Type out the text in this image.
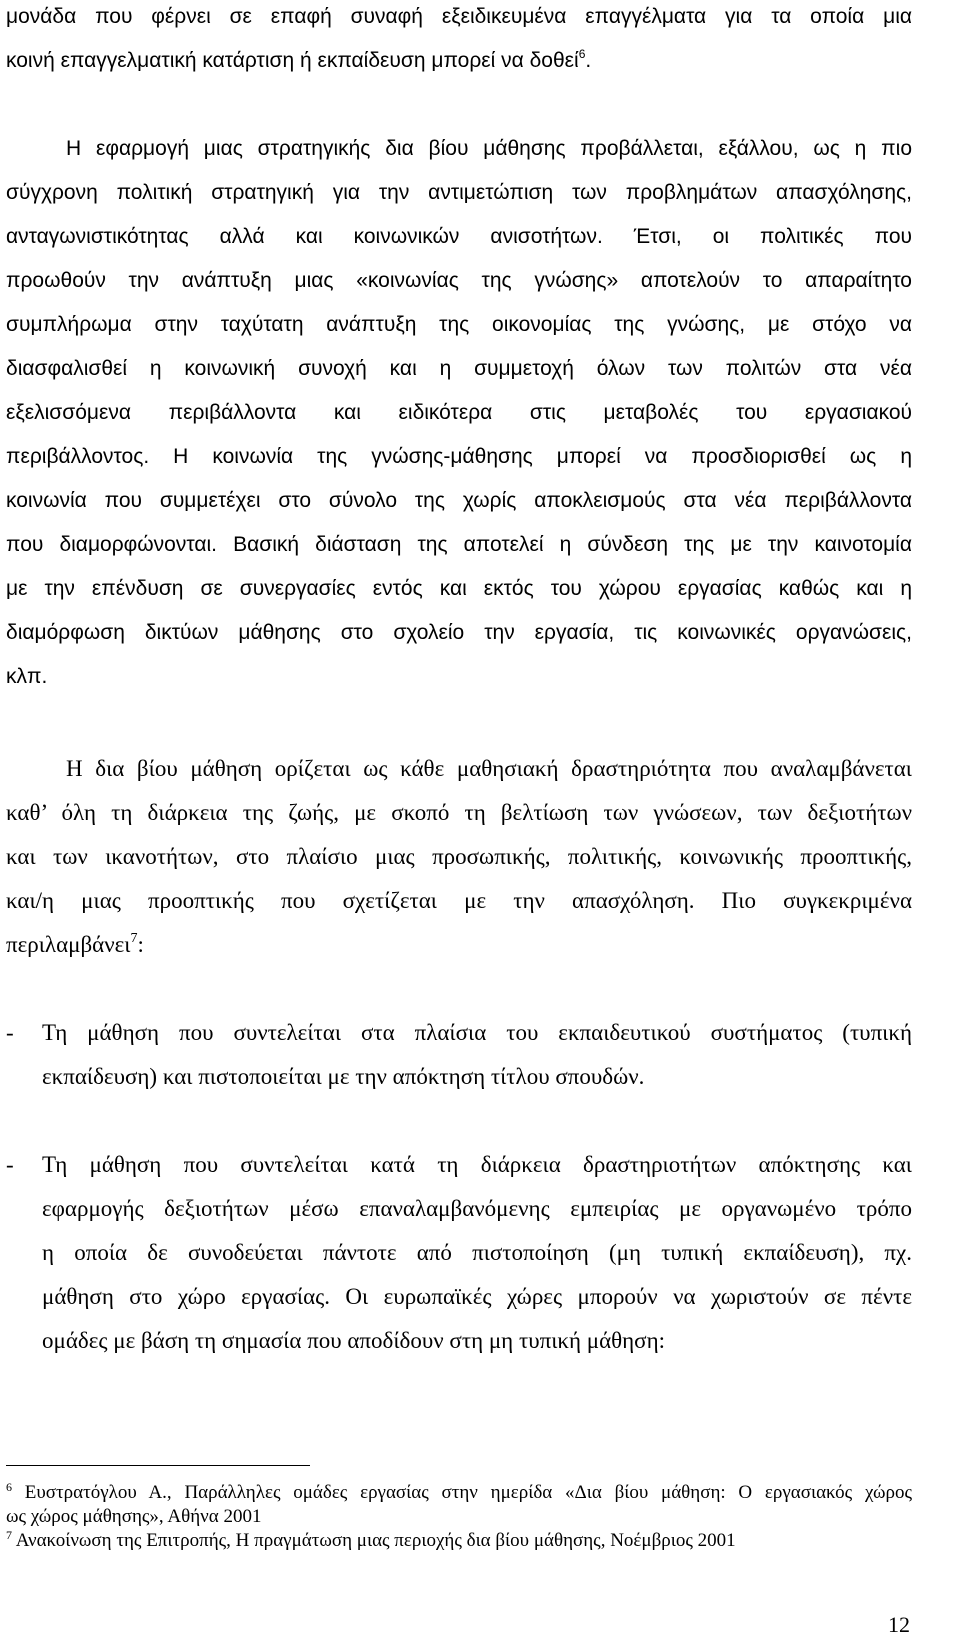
μονάδα που φέρνει σε επαφή συναφή εξειδικευμένα επαγγέλματα για τα οποία μια
κοινή επαγγελματική κατάρτιση ή εκπαίδευση μπορεί να δοθεί$^6$.
Η εφαρμογή μιας στρατηγικής δια βίου μάθησης προβάλλεται, εξάλλου, ως η πιο
σύγχρονη πολιτική στρατηγική για την αντιμετώπιση των προβλημάτων απασχόλησης,
ανταγωνιστικότητας αλλά και κοινωνικών ανισοτήτων. Έτσι, οι πολιτικές που
προωθούν την ανάπτυξη μιας «κοινωνίας της γνώσης» αποτελούν το απαραίτητο
συμπλήρωμα στην ταχύτατη ανάπτυξη της οικονομίας της γνώσης, με στόχο να
διασφαλισθεί η κοινωνική συνοχή και η συμμετοχή όλων των πολιτών στα νέα
εξελισσόμενα περιβάλλοντα και ειδικότερα στις μεταβολές του εργασιακού
περιβάλλοντος. Η κοινωνία της γνώσης-μάθησης μπορεί να προσδιορισθεί ως η
κοινωνία που συμμετέχει στο σύνολο της χωρίς αποκλεισμούς στα νέα περιβάλλοντα
που διαμορφώνονται. Βασική διάσταση της αποτελεί η σύνδεση της με την καινοτομία
με την επένδυση σε συνεργασίες εντός και εκτός του χώρου εργασίας καθώς και η
διαμόρφωση δικτύων μάθησης στο σχολείο την εργασία, τις κοινωνικές οργανώσεις,
κλπ.
Η δια βίου μάθηση ορίζεται ως κάθε μαθησιακή δραστηριότητα που αναλαμβάνεται
καθ’ όλη τη διάρκεια της ζωής, με σκοπό τη βελτίωση των γνώσεων, των δεξιοτήτων
και των ικανοτήτων, στο πλαίσιο μιας προσωπικής, πολιτικής, κοινωνικής προοπτικής,
και/η μιας προοπτικής που σχετίζεται με την απασχόληση. Πιο συγκεκριμένα
περιλαμβάνει$^7$:
-	Τη μάθηση που συντελείται στα πλαίσια του εκπαιδευτικού συστήματος (τυπική
εκπαίδευση) και πιστοποιείται με την απόκτηση τίτλου σπουδών.
-	Τη μάθηση που συντελείται κατά τη διάρκεια δραστηριοτήτων απόκτησης και
εφαρμογής δεξιοτήτων μέσω επαναλαμβανόμενης εμπειρίας με οργανωμένο τρόπο
η οποία δε συνοδεύεται πάντοτε από πιστοποίηση (μη τυπική εκπαίδευση), πχ.
μάθηση στο χώρο εργασίας. Οι ευρωπαϊκές χώρες μπορούν να χωριστούν σε πέντε
ομάδες με βάση τη σημασία που αποδίδουν στη μη τυπική μάθηση:
$^6$ Ευστρατόγλου Α., Παράλληλες ομάδες εργασίας στην ημερίδα «Δια βίου μάθηση: Ο εργασιακός χώρος
ως χώρος μάθησης», Αθήνα 2001
$^7$ Ανακοίνωση της Επιτροπής, Η πραγμάτωση μιας περιοχής δια βίου μάθησης, Νοέμβριος 2001
12
